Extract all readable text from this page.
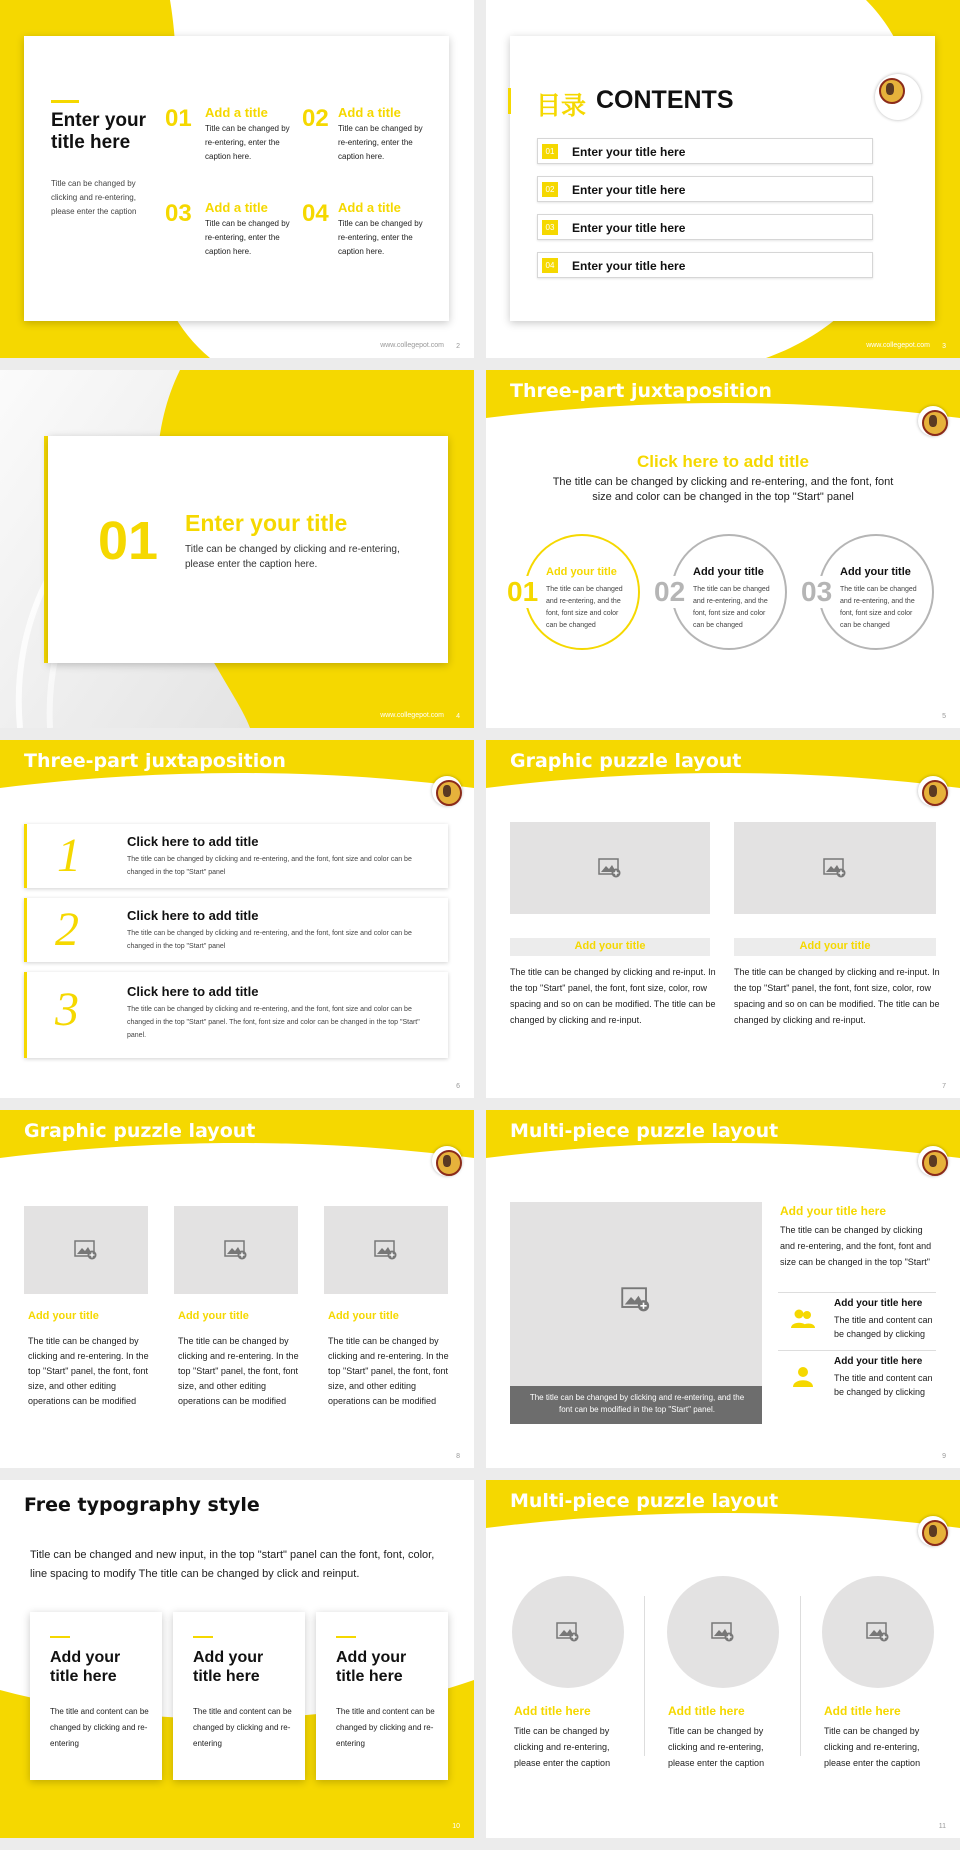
Enter your title here
Title can be changed by clicking and re-entering, please enter the caption
01 Add a title
Title can be changed by re-entering, enter the caption here.
02 Add a title
Title can be changed by re-entering, enter the caption here.
03 Add a title
Title can be changed by re-entering, enter the caption here.
04 Add a title
Title can be changed by re-entering, enter the caption here.
www.collegepot.com 2
目录 CONTENTS
01 Enter your title here
02 Enter your title here
03 Enter your title here
04 Enter your title here
www.collegepot.com 3
01 Enter your title
Title can be changed by clicking and re-entering, please enter the caption here.
www.collegepot.com 4
Three-part juxtaposition
Click here to add title
The title can be changed by clicking and re-entering, and the font, font size and color can be changed in the top "Start" panel
01
Add your title
The title can be changed and re-entering, and the font, font size and color can be changed
02
Add your title
The title can be changed and re-entering, and the font, font size and color can be changed
03
Add your title
The title can be changed and re-entering, and the font, font size and color can be changed
5
Three-part juxtaposition
1	Click here to add title
The title can be changed by clicking and re-entering, and the font, font size and color can be changed in the top "Start" panel
2	Click here to add title
The title can be changed by clicking and re-entering, and the font, font size and color can be changed in the top "Start" panel
3	Click here to add title
The title can be changed by clicking and re-entering, and the font, font size and color can be changed in the top "Start" panel. The font, font size and color can be changed in the top "Start" panel.
6
Graphic puzzle layout
Add your title
The title can be changed by clicking and re-input. In the top "Start" panel, the font, font size, color, row spacing and so on can be modified. The title can be changed by clicking and re-input.
Add your title
The title can be changed by clicking and re-input. In the top "Start" panel, the font, font size, color, row spacing and so on can be modified. The title can be changed by clicking and re-input.
7
Graphic puzzle layout
Add your title
The title can be changed by clicking and re-entering. In the top "Start" panel, the font, font size, and other editing operations can be modified
Add your title
The title can be changed by clicking and re-entering. In the top "Start" panel, the font, font size, and other editing operations can be modified
Add your title
The title can be changed by clicking and re-entering. In the top "Start" panel, the font, font size, and other editing operations can be modified
8
Multi-piece puzzle layout
The title can be changed by clicking and re-entering, and the font can be modified in the top "Start" panel.
Add your title here
The title can be changed by clicking and re-entering, and the font, font and size can be changed in the top "Start"
Add your title here
The title and content can be changed by clicking
Add your title here
The title and content can be changed by clicking
9
Free typography style
Title can be changed and new input, in the top "start" panel can the font, font, color, line spacing to modify The title can be changed by click and reinput.
Add your title here
The title and content can be changed by clicking and re-entering
Add your title here
The title and content can be changed by clicking and re-entering
Add your title here
The title and content can be changed by clicking and re-entering
10
Multi-piece puzzle layout
Add title here
Title can be changed by clicking and re-entering, please enter the caption
Add title here
Title can be changed by clicking and re-entering, please enter the caption
Add title here
Title can be changed by clicking and re-entering, please enter the caption
11
